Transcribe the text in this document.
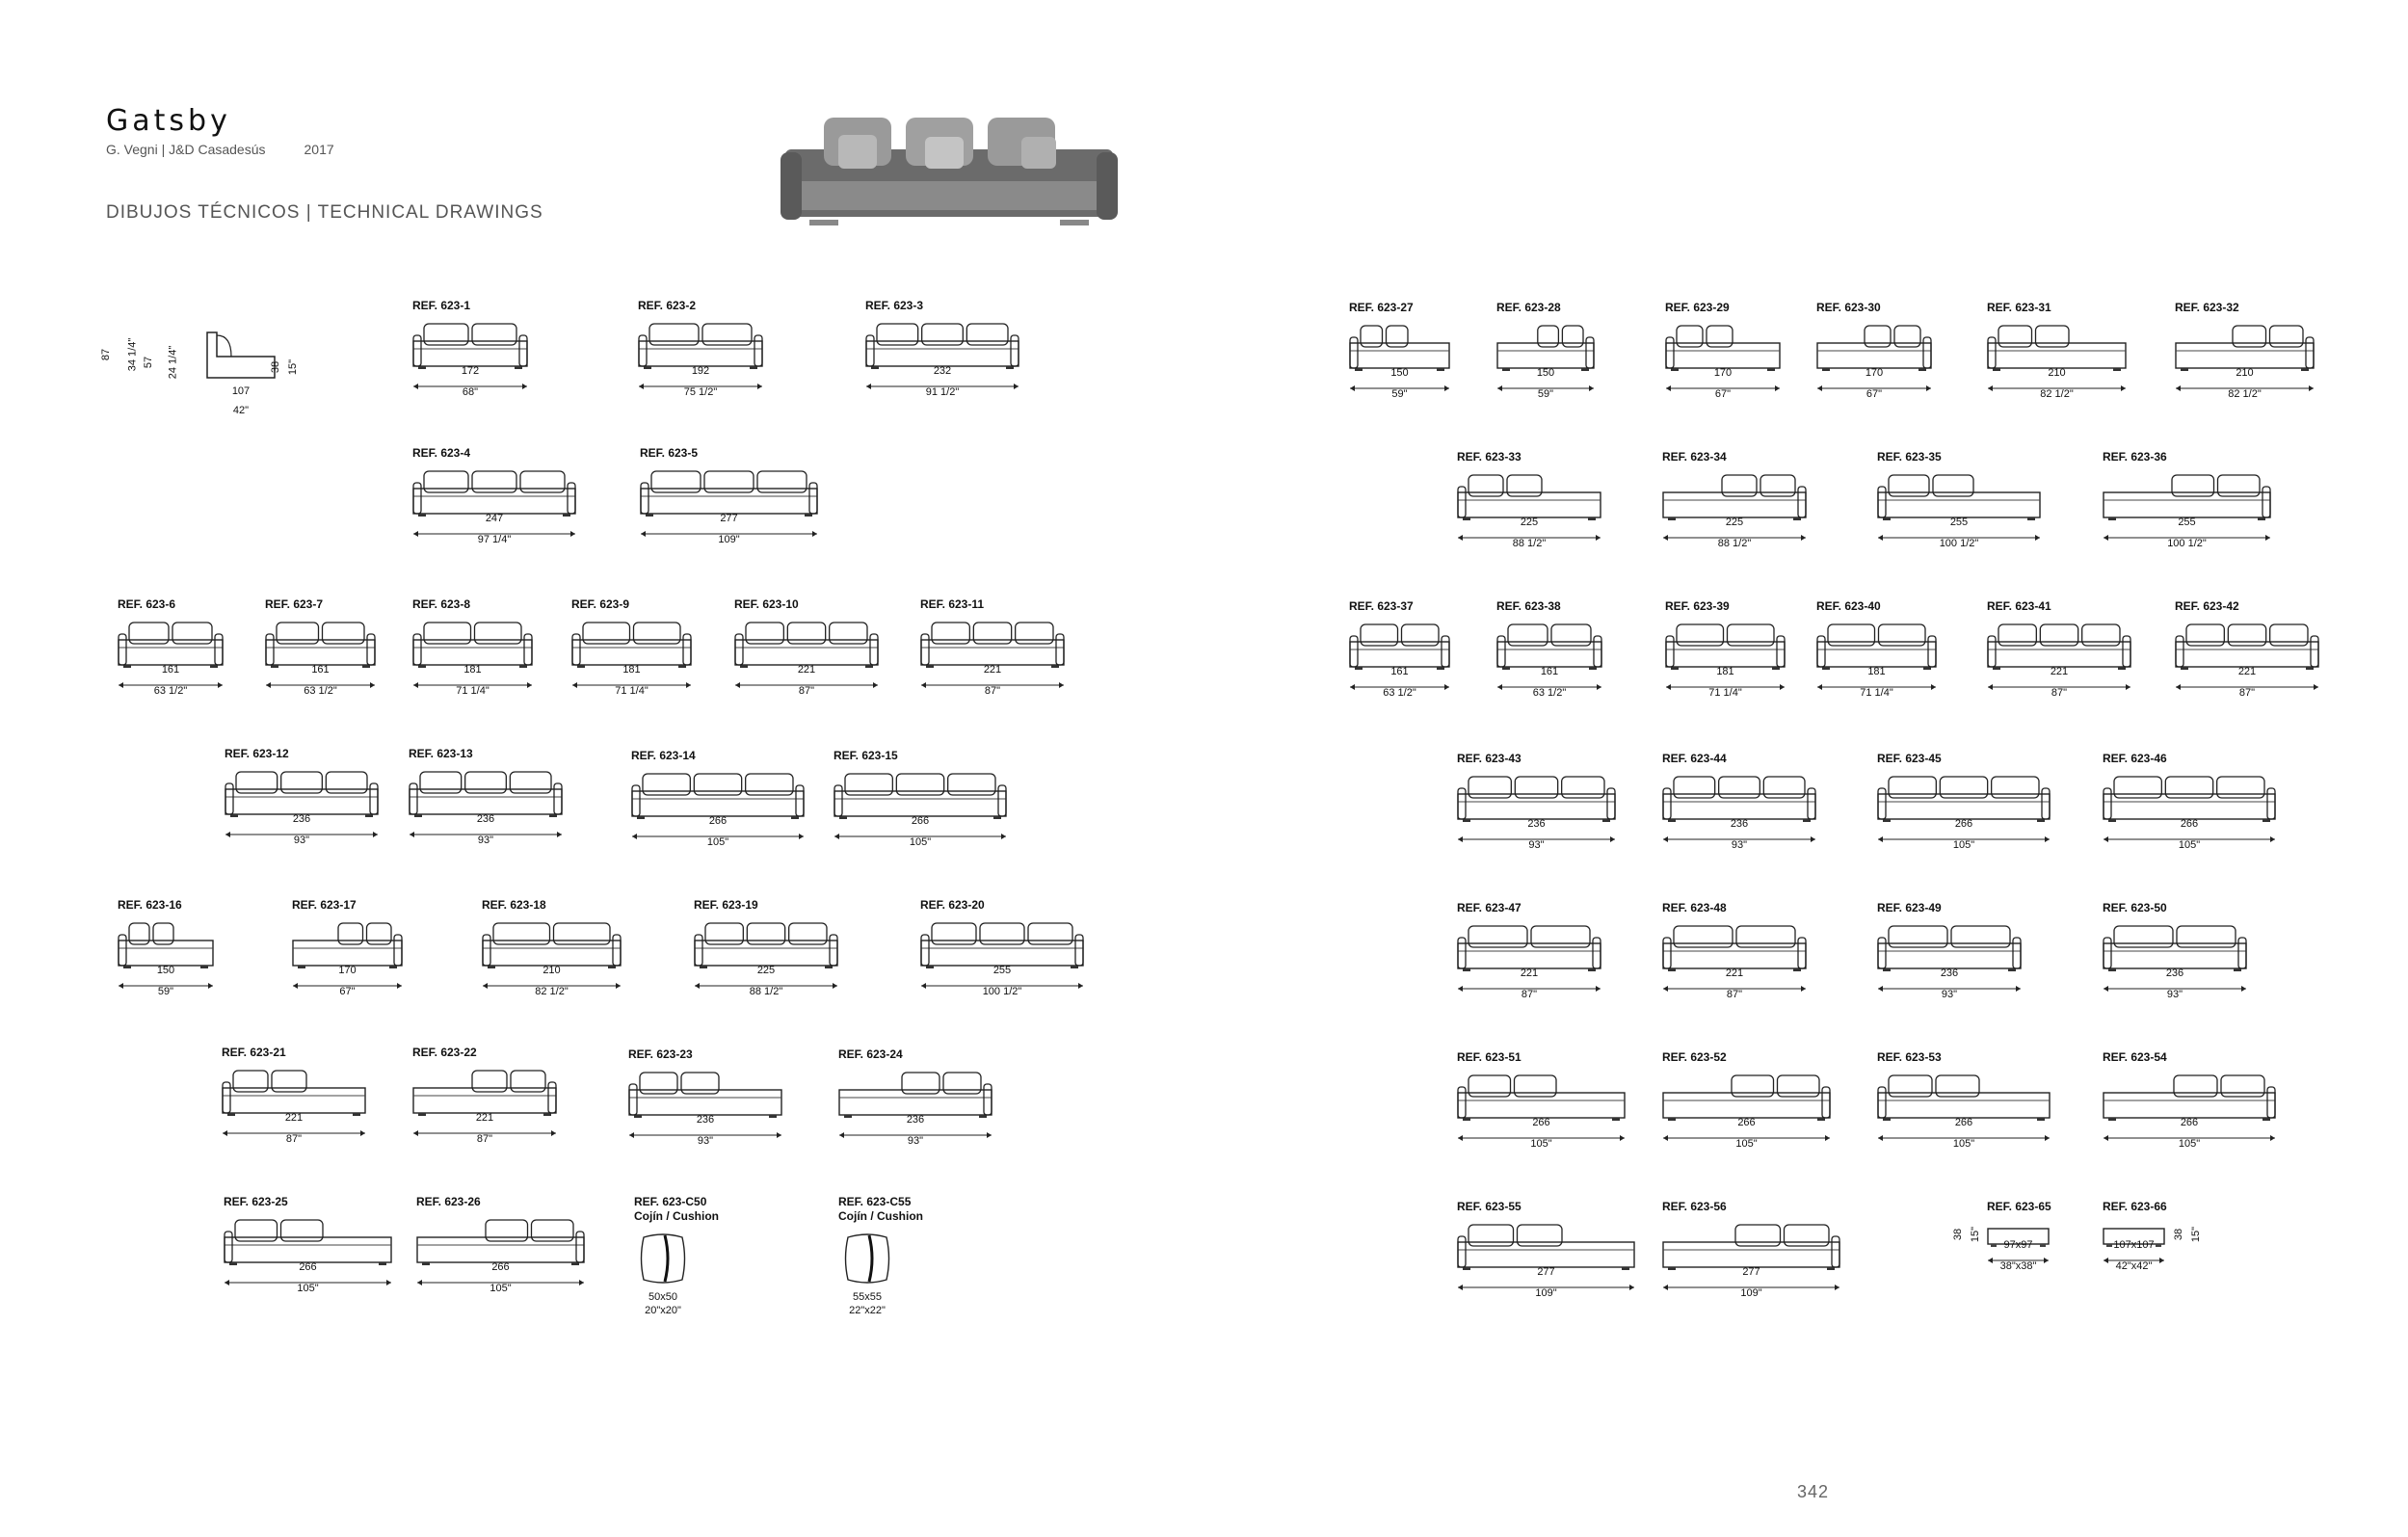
Gatsby
G. Vegni | J&D Casadesús	2017
DIBUJOS TÉCNICOS | TECHNICAL DRAWINGS
87 34 1/4" 57 24 1/4"	38 15"
107
42"
REF. 623-1
172
68"
REF. 623-2
192
75 1/2"
REF. 623-3
232
91 1/2"
REF. 623-4
247
97 1/4"
REF. 623-5
277
109"
REF. 623-6
161
63 1/2"
REF. 623-7
161
63 1/2"
REF. 623-8
181
71 1/4"
REF. 623-9
181
71 1/4"
REF. 623-10
221
87"
REF. 623-11
221
87"
REF. 623-12
236
93"
REF. 623-13
236
93"
REF. 623-14
266
105"
REF. 623-15
266
105"
REF. 623-16
150
59"
REF. 623-17
170
67"
REF. 623-18
210
82 1/2"
REF. 623-19
225
88 1/2"
REF. 623-20
255
100 1/2"
REF. 623-21
221
87"
REF. 623-22
221
87"
REF. 623-23
236
93"
REF. 623-24
236
93"
REF. 623-25
266
105"
REF. 623-26
266
105"
REF. 623-C50
Cojín / Cushion
50x50
20"x20"
REF. 623-C55
Cojín / Cushion
55x55
22"x22"
REF. 623-27
150
59"
REF. 623-28
150
59"
REF. 623-29
170
67"
REF. 623-30
170
67"
REF. 623-31
210
82 1/2"
REF. 623-32
210
82 1/2"
REF. 623-33
225
88 1/2"
REF. 623-34
225
88 1/2"
REF. 623-35
255
100 1/2"
REF. 623-36
255
100 1/2"
REF. 623-37
161
63 1/2"
REF. 623-38
161
63 1/2"
REF. 623-39
181
71 1/4"
REF. 623-40
181
71 1/4"
REF. 623-41
221
87"
REF. 623-42
221
87"
REF. 623-43
236
93"
REF. 623-44
236
93"
REF. 623-45
266
105"
REF. 623-46
266
105"
REF. 623-47
221
87"
REF. 623-48
221
87"
REF. 623-49
236
93"
REF. 623-50
236
93"
REF. 623-51
266
105"
REF. 623-52
266
105"
REF. 623-53
266
105"
REF. 623-54
266
105"
REF. 623-55
277
109"
REF. 623-56
277
109"
REF. 623-65
97x97
38"x38"
38 15"
REF. 623-66
107x107
42"x42"
38 15"
342
